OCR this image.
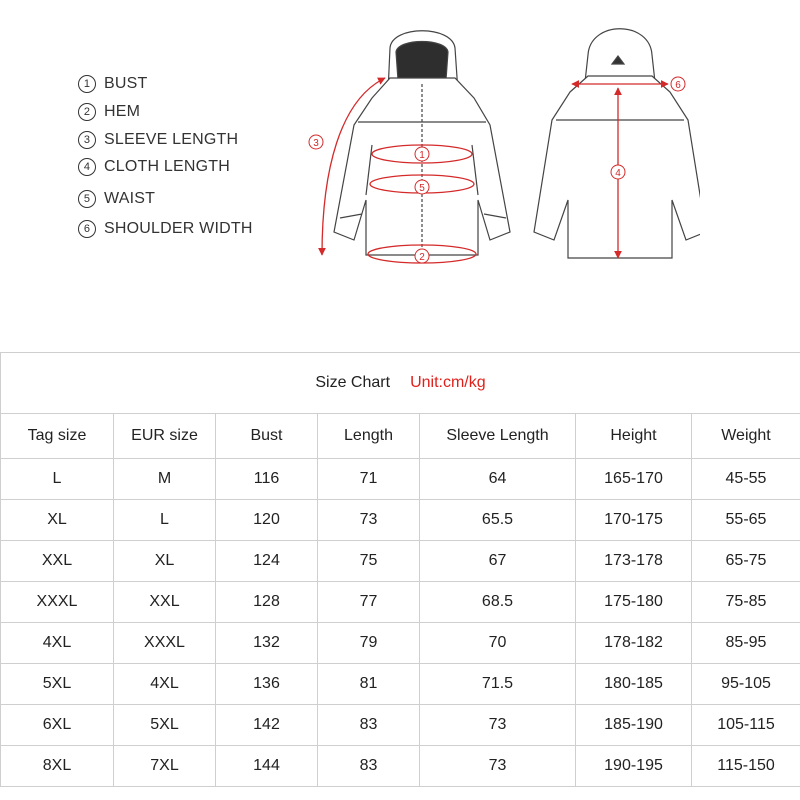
1 BUST
2 HEM
3 SLEEVE LENGTH
4 CLOTH LENGTH
5 WAIST
6 SHOULDER WIDTH
1
5
2
3
4
6
Size Chart Unit:cm/kg						
Tag size	EUR size	Bust	Length	Sleeve Length	Height	Weight
L	M	116	71	64	165-170	45-55
XL	L	120	73	65.5	170-175	55-65
XXL	XL	124	75	67	173-178	65-75
XXXL	XXL	128	77	68.5	175-180	75-85
4XL	XXXL	132	79	70	178-182	85-95
5XL	4XL	136	81	71.5	180-185	95-105
6XL	5XL	142	83	73	185-190	105-115
8XL	7XL	144	83	73	190-195	115-150
